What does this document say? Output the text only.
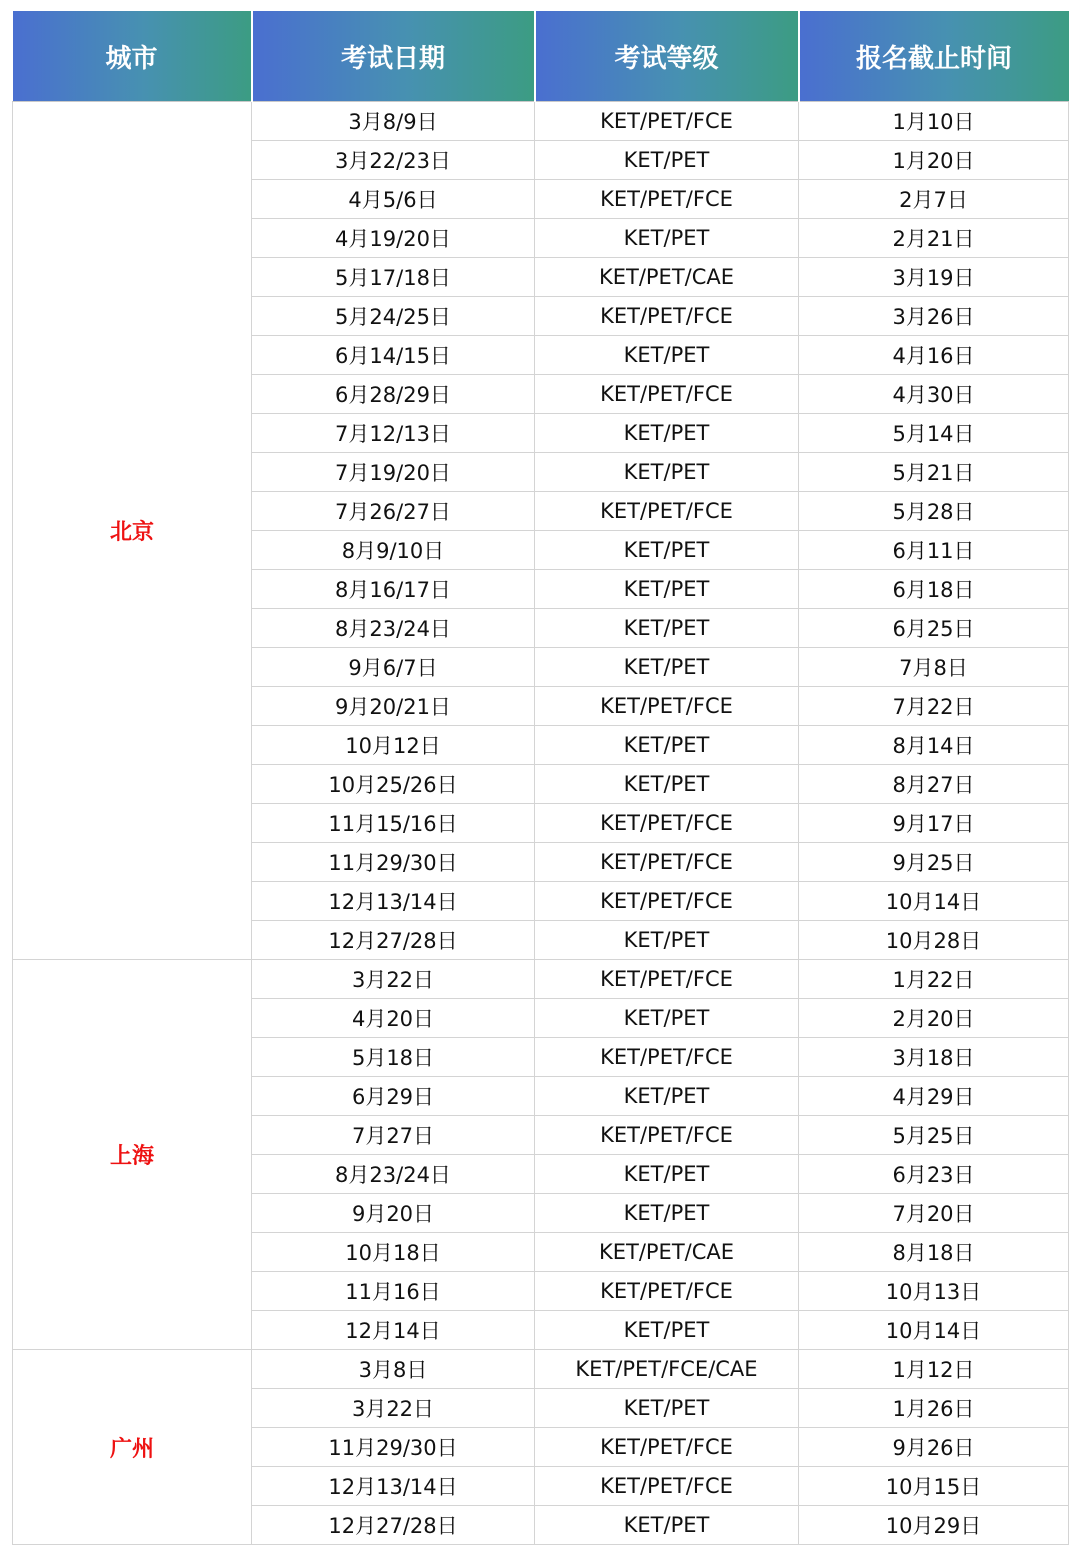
城市	考试日期	考试等级	报名截止时间
北京	3月8/9日	KET/PET/FCE	1月10日
	3月22/23日	KET/PET	1月20日
	4月5/6日	KET/PET/FCE	2月7日
	4月19/20日	KET/PET	2月21日
	5月17/18日	KET/PET/CAE	3月19日
	5月24/25日	KET/PET/FCE	3月26日
	6月14/15日	KET/PET	4月16日
	6月28/29日	KET/PET/FCE	4月30日
	7月12/13日	KET/PET	5月14日
	7月19/20日	KET/PET	5月21日
	7月26/27日	KET/PET/FCE	5月28日
	8月9/10日	KET/PET	6月11日
	8月16/17日	KET/PET	6月18日
	8月23/24日	KET/PET	6月25日
	9月6/7日	KET/PET	7月8日
	9月20/21日	KET/PET/FCE	7月22日
	10月12日	KET/PET	8月14日
	10月25/26日	KET/PET	8月27日
	11月15/16日	KET/PET/FCE	9月17日
	11月29/30日	KET/PET/FCE	9月25日
	12月13/14日	KET/PET/FCE	10月14日
	12月27/28日	KET/PET	10月28日
上海	3月22日	KET/PET/FCE	1月22日
	4月20日	KET/PET	2月20日
	5月18日	KET/PET/FCE	3月18日
	6月29日	KET/PET	4月29日
	7月27日	KET/PET/FCE	5月25日
	8月23/24日	KET/PET	6月23日
	9月20日	KET/PET	7月20日
	10月18日	KET/PET/CAE	8月18日
	11月16日	KET/PET/FCE	10月13日
	12月14日	KET/PET	10月14日
广州	3月8日	KET/PET/FCE/CAE	1月12日
	3月22日	KET/PET	1月26日
	11月29/30日	KET/PET/FCE	9月26日
	12月13/14日	KET/PET/FCE	10月15日
	12月27/28日	KET/PET	10月29日
